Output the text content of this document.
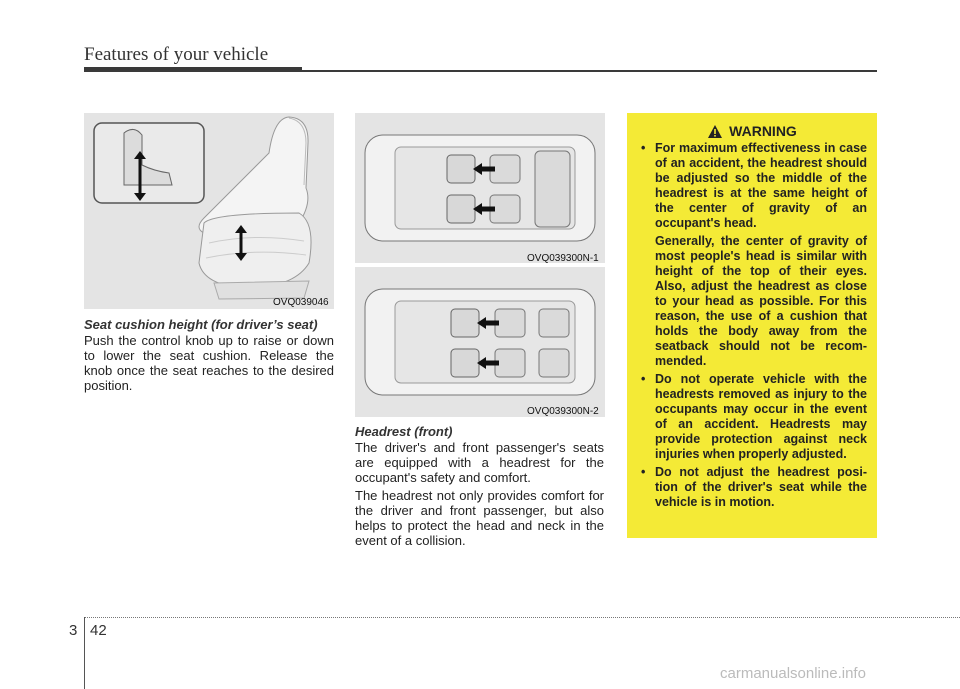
Features of your vehicle
OVQ039046
OVQ039300N-1
OVQ039300N-2
Seat cushion height (for driver’s seat)

Push the control knob up to raise or down to lower the seat cushion. Release the knob once the seat reaches to the desired position.

Headrest (front)

The driver's and front passenger's seats are equipped with a headrest for the occupant's safety and comfort.

The headrest not only provides comfort for the driver and front passenger, but also helps to protect the head and neck in the event of a collision.

WARNING
• For maximum effectiveness in case of an accident, the headrest should be adjusted so the middle of the headrest is at the same height of the center of gravity of an occupant's head.

Generally, the center of gravity of most people's head is similar with height of the top of their eyes. Also, adjust the headrest as close to your head as possible. For this reason, the use of a cushion that holds the body away from the seatback should not be recom-mended.

• Do not operate vehicle with the headrests removed as injury to the occupants may occur in the event of an accident. Headrests may provide protection against neck injuries when properly adjusted.

• Do not adjust the headrest posi-tion of the driver's seat while the vehicle is in motion.

3 42
carmanualsonline.info
